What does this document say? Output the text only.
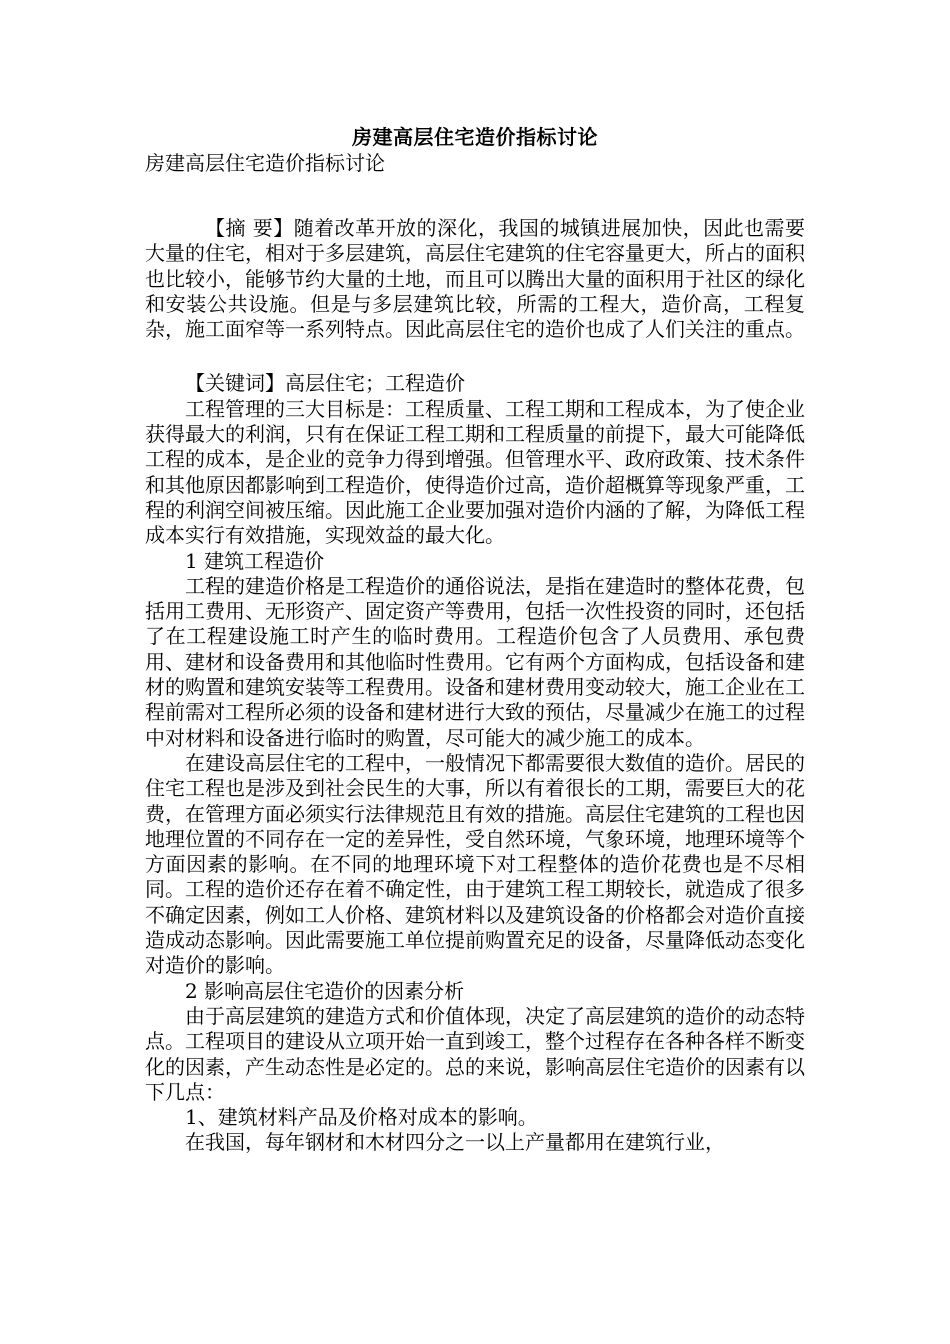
房建高层住宅造价指标讨论

房建高层住宅造价指标讨论

【摘 要】随着改革开放的深化，我国的城镇进展加快，因此也需要大量的住宅，相对于多层建筑，高层住宅建筑的住宅容量更大，所占的面积也比较小，能够节约大量的土地，而且可以腾出大量的面积用于社区的绿化和安装公共设施。但是与多层建筑比较，所需的工程大，造价高，工程复杂，施工面窄等一系列特点。因此高层住宅的造价也成了人们关注的重点。

【关键词】高层住宅；工程造价

工程管理的三大目标是：工程质量、工程工期和工程成本，为了使企业获得最大的利润，只有在保证工程工期和工程质量的前提下，最大可能降低工程的成本，是企业的竞争力得到增强。但管理水平、政府政策、技术条件和其他原因都影响到工程造价，使得造价过高，造价超概算等现象严重，工程的利润空间被压缩。因此施工企业要加强对造价内涵的了解，为降低工程成本实行有效措施，实现效益的最大化。

1 建筑工程造价

工程的建造价格是工程造价的通俗说法，是指在建造时的整体花费，包括用工费用、无形资产、固定资产等费用，包括一次性投资的同时，还包括了在工程建设施工时产生的临时费用。工程造价包含了人员费用、承包费用、建材和设备费用和其他临时性费用。它有两个方面构成，包括设备和建材的购置和建筑安装等工程费用。设备和建材费用变动较大，施工企业在工程前需对工程所必须的设备和建材进行大致的预估，尽量减少在施工的过程中对材料和设备进行临时的购置，尽可能大的减少施工的成本。

在建设高层住宅的工程中，一般情况下都需要很大数值的造价。居民的住宅工程也是涉及到社会民生的大事，所以有着很长的工期，需要巨大的花费，在管理方面必须实行法律规范且有效的措施。高层住宅建筑的工程也因地理位置的不同存在一定的差异性，受自然环境，气象环境，地理环境等个方面因素的影响。在不同的地理环境下对工程整体的造价花费也是不尽相同。工程的造价还存在着不确定性，由于建筑工程工期较长，就造成了很多不确定因素，例如工人价格、建筑材料以及建筑设备的价格都会对造价直接造成动态影响。因此需要施工单位提前购置充足的设备，尽量降低动态变化对造价的影响。

2 影响高层住宅造价的因素分析

由于高层建筑的建造方式和价值体现，决定了高层建筑的造价的动态特点。工程项目的建设从立项开始一直到竣工，整个过程存在各种各样不断变化的因素，产生动态性是必定的。总的来说，影响高层住宅造价的因素有以下几点：

1、建筑材料产品及价格对成本的影响。

在我国，每年钢材和木材四分之一以上产量都用在建筑行业，
